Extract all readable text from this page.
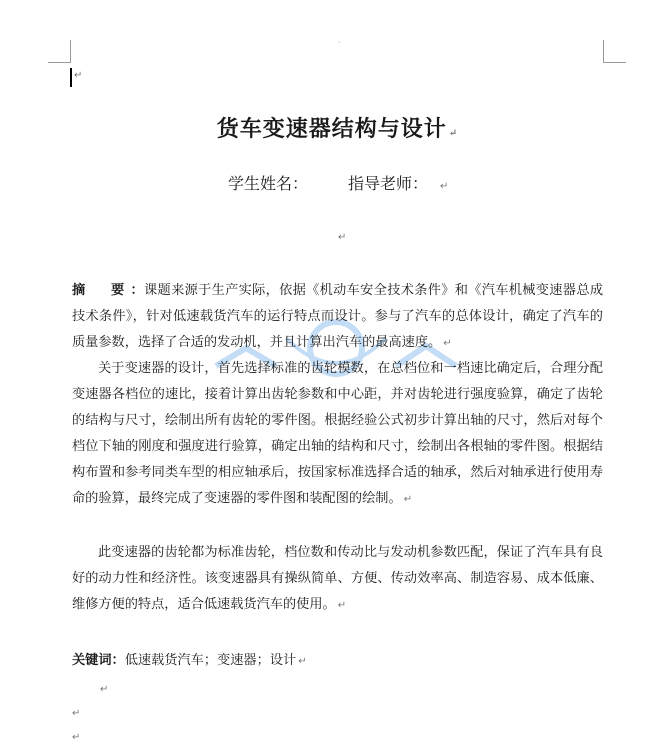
·
↵
货车变速器结构与设计 ↵
学生姓名：	指导老师： ↵
↵
摘　要：课题来源于生产实际，依据《机动车安全技术条件》和《汽车机械变速器总成技术条件》，针对低速载货汽车的运行特点而设计。参与了汽车的总体设计，确定了汽车的质量参数，选择了合适的发动机，并且计算出汽车的最高速度。 ↵
关于变速器的设计，首先选择标准的齿轮模数，在总档位和一档速比确定后，合理分配变速器各档位的速比，接着计算出齿轮参数和中心距，并对齿轮进行强度验算，确定了齿轮的结构与尺寸，绘制出所有齿轮的零件图。根据经验公式初步计算出轴的尺寸，然后对每个档位下轴的刚度和强度进行验算，确定出轴的结构和尺寸，绘制出各根轴的零件图。根据结构布置和参考同类车型的相应轴承后，按国家标准选择合适的轴承，然后对轴承进行使用寿命的验算，最终完成了变速器的零件图和装配图的绘制。 ↵
此变速器的齿轮都为标准齿轮，档位数和传动比与发动机参数匹配，保证了汽车具有良好的动力性和经济性。该变速器具有操纵简单、方便、传动效率高、制造容易、成本低廉、维修方便的特点，适合低速载货汽车的使用。 ↵
关键词：低速载货汽车；变速器；设计 ↵
↵
↵
↵
